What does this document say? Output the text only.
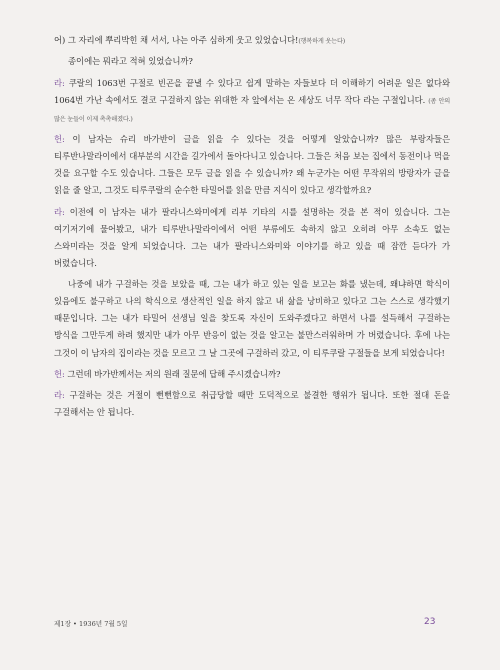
어) 그 자리에 뿌리박힌 채 서서, 나는 아주 심하게 웃고 있었습니다!(행복하게 웃는다)

종이에는 뭐라고 적혀 있었습니까?

라: 쿠랄의 1063번 구절로 빈곤을 끝낼 수 있다고 쉽게 말하는 자들보다 더 이해하기 어려운 일은 없다와 1064번 가난 속에서도 결코 구걸하지 않는 위대한 자 앞에서는 온 세상도 너무 작다 라는 구절입니다. (좀 안의 많은 눈들이 이제 촉촉해졌다.)

헌: 이 남자는 슈리 바가반이 글을 읽을 수 있다는 것을 어떻게 알았습니까? 많은 부랑자들은 티루반나말라이에서 대부분의 시간을 길가에서 돌아다니고 있습니다. 그들은 처음 보는 집에서 동전이나 먹을 것을 요구할 수도 있습니다. 그들은 모두 글을 읽을 수 있습니까? 왜 누군가는 어떤 무작위의 방랑자가 글을 읽을 줄 알고, 그것도 티루쿠랄의 순수한 타밀어를 읽을 만큼 지식이 있다고 생각할까요?

라: 이전에 이 남자는 내가 팔라니스와미에게 리부 기타의 시를 설명하는 것을 본 적이 있습니다. 그는 여기저기에 물어봤고, 내가 티루반나말라이에서 어떤 부류에도 속하지 않고 오히려 아무 소속도 없는 스와미라는 것을 알게 되었습니다. 그는 내가 팔라니스와미와 이야기를 하고 있을 때 잠깐 듣다가 가 버렸습니다.

나중에 내가 구걸하는 것을 보았을 때, 그는 내가 하고 있는 일을 보고는 화를 냈는데, 왜냐하면 학식이 있음에도 불구하고 나의 학식으로 생산적인 일을 하지 않고 내 삶을 낭비하고 있다고 그는 스스로 생각했기 때문입니다. 그는 내가 타밀어 선생님 일을 찾도록 자신이 도와주겠다고 하면서 나를 설득해서 구걸하는 방식을 그만두게 하려 했지만 내가 아무 반응이 없는 것을 알고는 불만스러워하며 가 버렸습니다. 후에 나는 그것이 이 남자의 집이라는 것을 모르고 그 날 그곳에 구걸하러 갔고, 이 티루쿠랄 구절들을 보게 되었습니다!

헌: 그런데 바가반께서는 저의 원래 질문에 답해 주시겠습니까?

라: 구걸하는 것은 거절이 뻔뻔함으로 취급당할 때만 도덕적으로 불결한 행위가 됩니다. 또한 절대 돈을 구걸해서는 안 됩니다.

제1장 • 1936년 7월 5일	23
